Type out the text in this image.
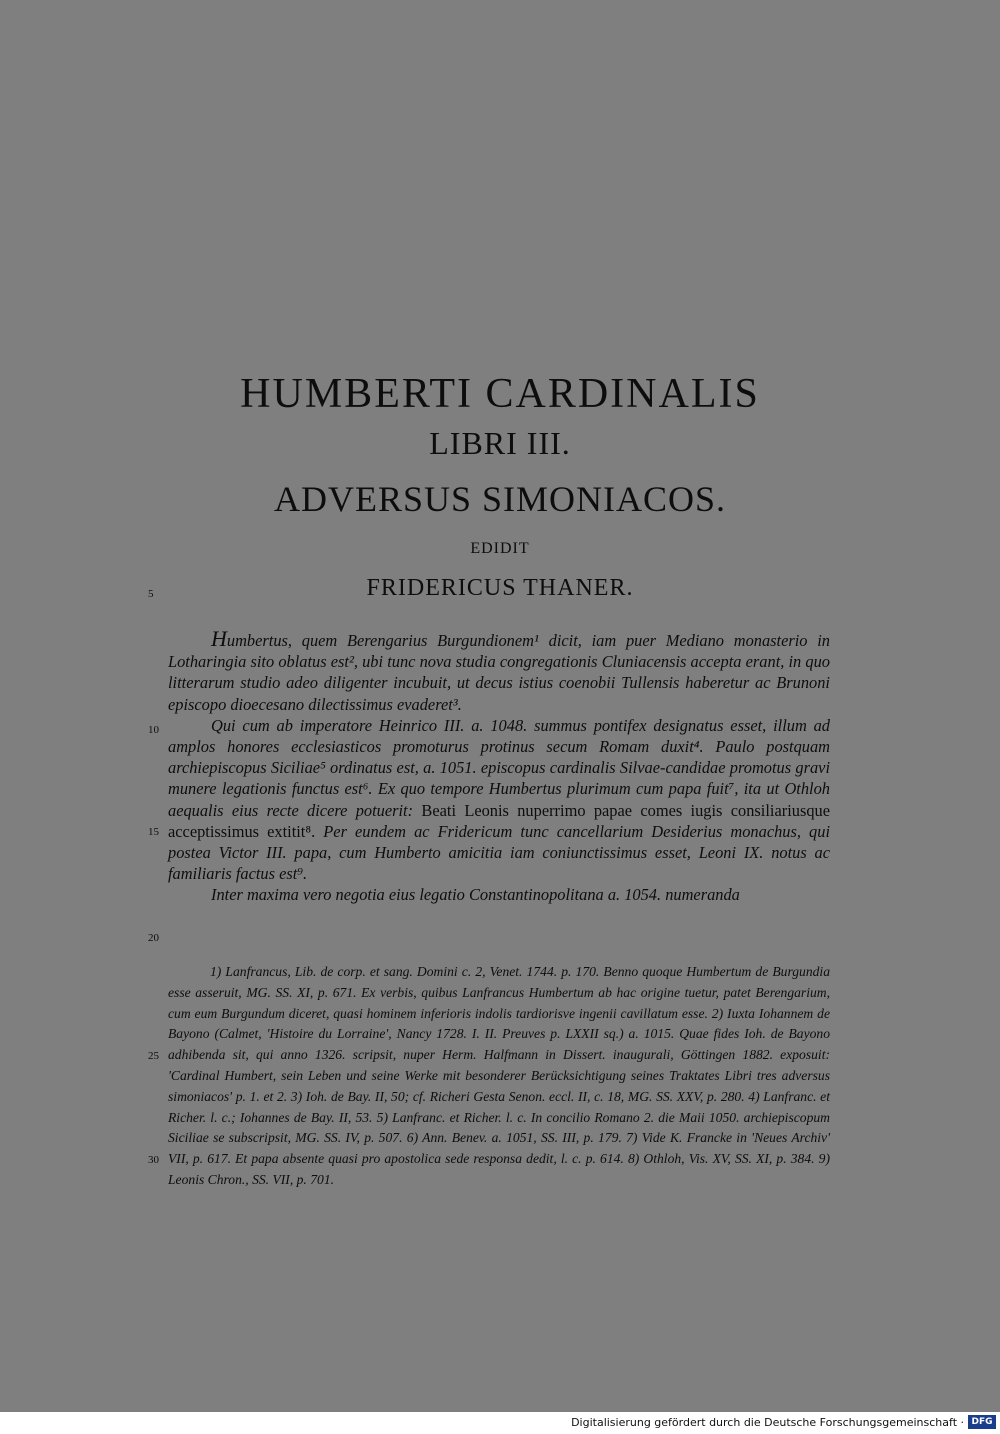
HUMBERTI CARDINALIS
LIBRI III.
ADVERSUS SIMONIACOS.
EDIDIT
FRIDERICUS THANER.
5
10
15
20
25
30

Humbertus, quem Berengarius Burgundionem¹ dicit, iam puer Mediano monasterio in Lotharingia sito oblatus est², ubi tunc nova studia congregationis Cluniacensis accepta erant, in quo litterarum studio adeo diligenter incubuit, ut decus istius coenobii Tullensis haberetur ac Brunoni episcopo dioecesano dilectissimus evaderet³.

Qui cum ab imperatore Heinrico III. a. 1048. summus pontifex designatus esset, illum ad amplos honores ecclesiasticos promoturus protinus secum Romam duxit⁴. Paulo postquam archiepiscopus Siciliae⁵ ordinatus est, a. 1051. episcopus cardinalis Silvae-candidae promotus gravi munere legationis functus est⁶. Ex quo tempore Humbertus plurimum cum papa fuit⁷, ita ut Othloh aequalis eius recte dicere potuerit: Beati Leonis nuperrimo papae comes iugis consiliariusque acceptissimus extitit⁸. Per eundem ac Fridericum tunc cancellarium Desiderius monachus, qui postea Victor III. papa, cum Humberto amicitia iam coniunctissimus esset, Leoni IX. notus ac familiaris factus est⁹.

Inter maxima vero negotia eius legatio Constantinopolitana a. 1054. numeranda

1) Lanfrancus, Lib. de corp. et sang. Domini c. 2, Venet. 1744. p. 170. Benno quoque Humbertum de Burgundia esse asseruit, MG. SS. XI, p. 671. Ex verbis, quibus Lanfrancus Humbertum ab hac origine tuetur, patet Berengarium, cum eum Burgundum diceret, quasi hominem inferioris indolis tardiorisve ingenii cavillatum esse. 2) Iuxta Iohannem de Bayono (Calmet, 'Histoire du Lorraine', Nancy 1728. I. II. Preuves p. LXXII sq.) a. 1015. Quae fides Ioh. de Bayono adhibenda sit, qui anno 1326. scripsit, nuper Herm. Halfmann in Dissert. inaugurali, Göttingen 1882. exposuit: 'Cardinal Humbert, sein Leben und seine Werke mit besonderer Berücksichtigung seines Traktates Libri tres adversus simoniacos' p. 1. et 2. 3) Ioh. de Bay. II, 50; cf. Richeri Gesta Senon. eccl. II, c. 18, MG. SS. XXV, p. 280. 4) Lanfranc. et Richer. l. c.; Iohannes de Bay. II, 53. 5) Lanfranc. et Richer. l. c. In concilio Romano 2. die Maii 1050. archiepiscopum Siciliae se subscripsit, MG. SS. IV, p. 507. 6) Ann. Benev. a. 1051, SS. III, p. 179. 7) Vide K. Francke in 'Neues Archiv' VII, p. 617. Et papa absente quasi pro apostolica sede responsa dedit, l. c. p. 614. 8) Othloh, Vis. XV, SS. XI, p. 384. 9) Leonis Chron., SS. VII, p. 701.

Digitalisierung gefördert durch die Deutsche Forschungsgemeinschaft · DFG
